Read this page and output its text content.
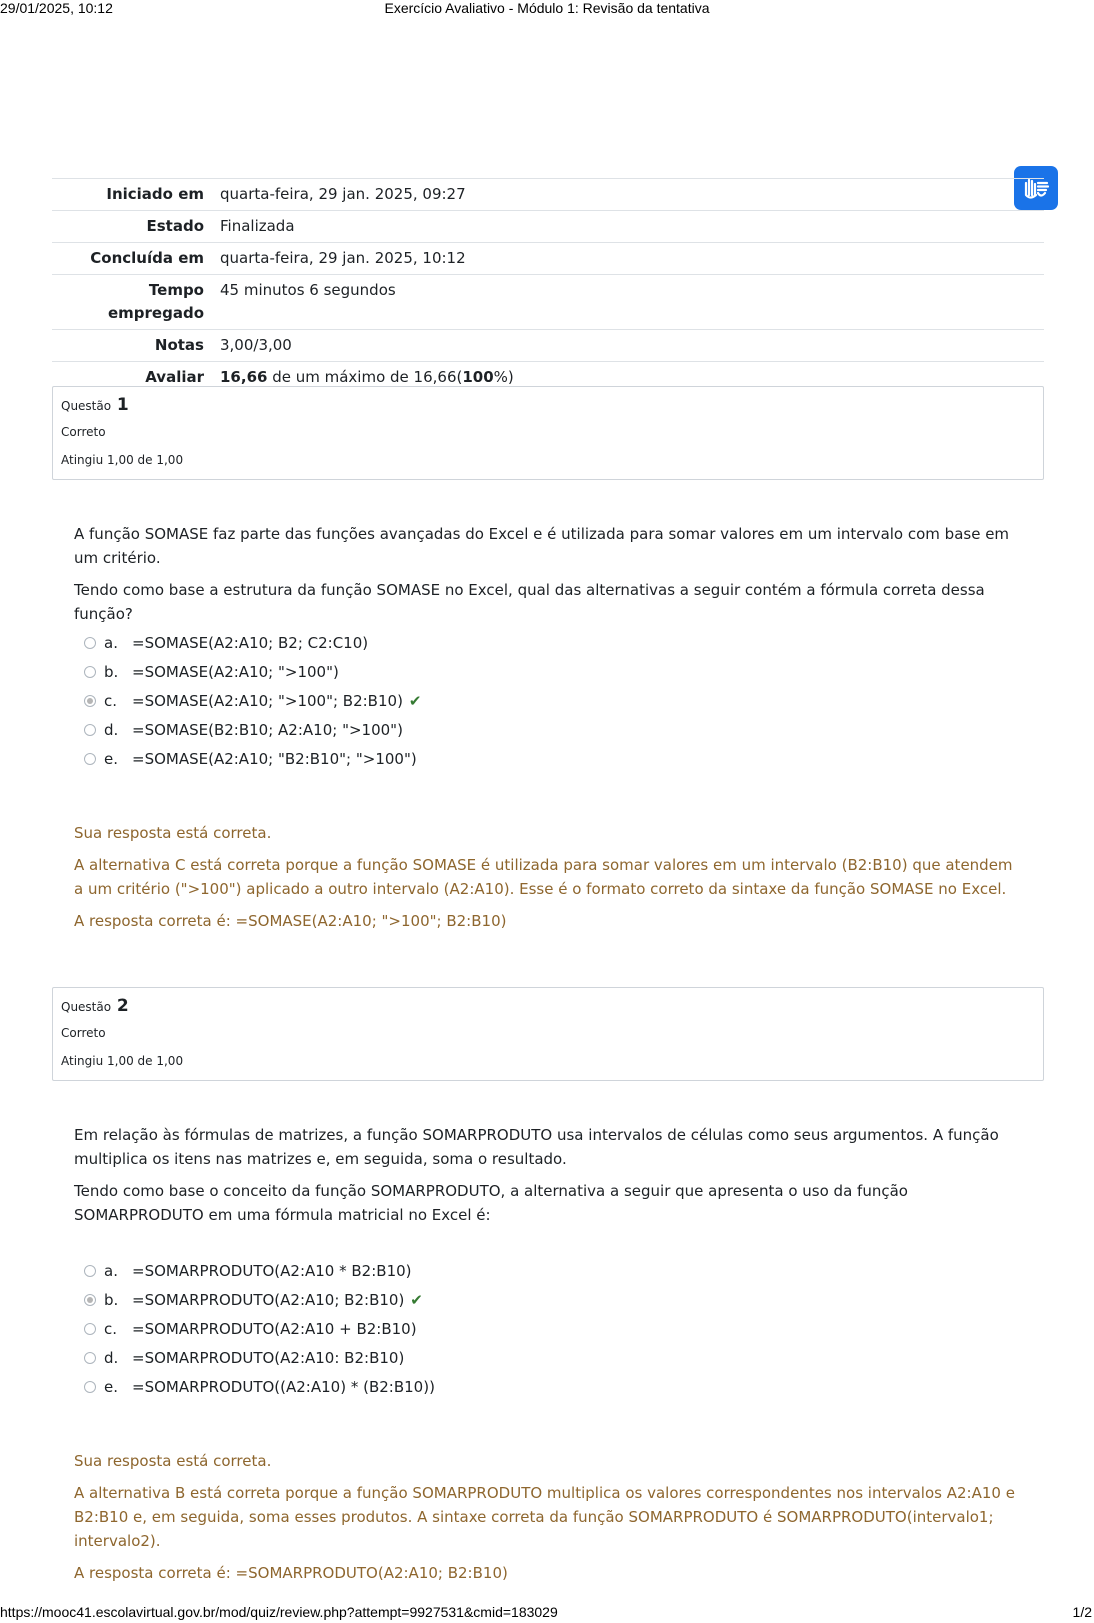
29/01/2025, 10:12	Exercício Avaliativo - Módulo 1: Revisão da tentativa
Iniciado em	quarta-feira, 29 jan. 2025, 09:27
Estado	Finalizada
Concluída em	quarta-feira, 29 jan. 2025, 10:12
Tempo empregado	45 minutos 6 segundos
Notas	3,00/3,00
Avaliar	16,66 de um máximo de 16,66(100%)
Questão 1
Correto
Atingiu 1,00 de 1,00

A função SOMASE faz parte das funções avançadas do Excel e é utilizada para somar valores em um intervalo com base em um critério.

Tendo como base a estrutura da função SOMASE no Excel, qual das alternativas a seguir contém a fórmula correta dessa função?

a. =SOMASE(A2:A10; B2; C2:C10)
b. =SOMASE(A2:A10; ">100")
c. =SOMASE(A2:A10; ">100"; B2:B10) ✔
d. =SOMASE(B2:B10; A2:A10; ">100")
e. =SOMASE(A2:A10; "B2:B10"; ">100")

Sua resposta está correta.

A alternativa C está correta porque a função SOMASE é utilizada para somar valores em um intervalo (B2:B10) que atendem a um critério (">100") aplicado a outro intervalo (A2:A10). Esse é o formato correto da sintaxe da função SOMASE no Excel.

A resposta correta é: =SOMASE(A2:A10; ">100"; B2:B10)

Questão 2
Correto
Atingiu 1,00 de 1,00

Em relação às fórmulas de matrizes, a função SOMARPRODUTO usa intervalos de células como seus argumentos. A função multiplica os itens nas matrizes e, em seguida, soma o resultado.

Tendo como base o conceito da função SOMARPRODUTO, a alternativa a seguir que apresenta o uso da função SOMARPRODUTO em uma fórmula matricial no Excel é:

a. =SOMARPRODUTO(A2:A10 * B2:B10)
b. =SOMARPRODUTO(A2:A10; B2:B10) ✔
c. =SOMARPRODUTO(A2:A10 + B2:B10)
d. =SOMARPRODUTO(A2:A10: B2:B10)
e. =SOMARPRODUTO((A2:A10) * (B2:B10))

Sua resposta está correta.

A alternativa B está correta porque a função SOMARPRODUTO multiplica os valores correspondentes nos intervalos A2:A10 e B2:B10 e, em seguida, soma esses produtos. A sintaxe correta da função SOMARPRODUTO é SOMARPRODUTO(intervalo1; intervalo2).

A resposta correta é: =SOMARPRODUTO(A2:A10; B2:B10)

https://mooc41.escolavirtual.gov.br/mod/quiz/review.php?attempt=9927531&cmid=183029	1/2
